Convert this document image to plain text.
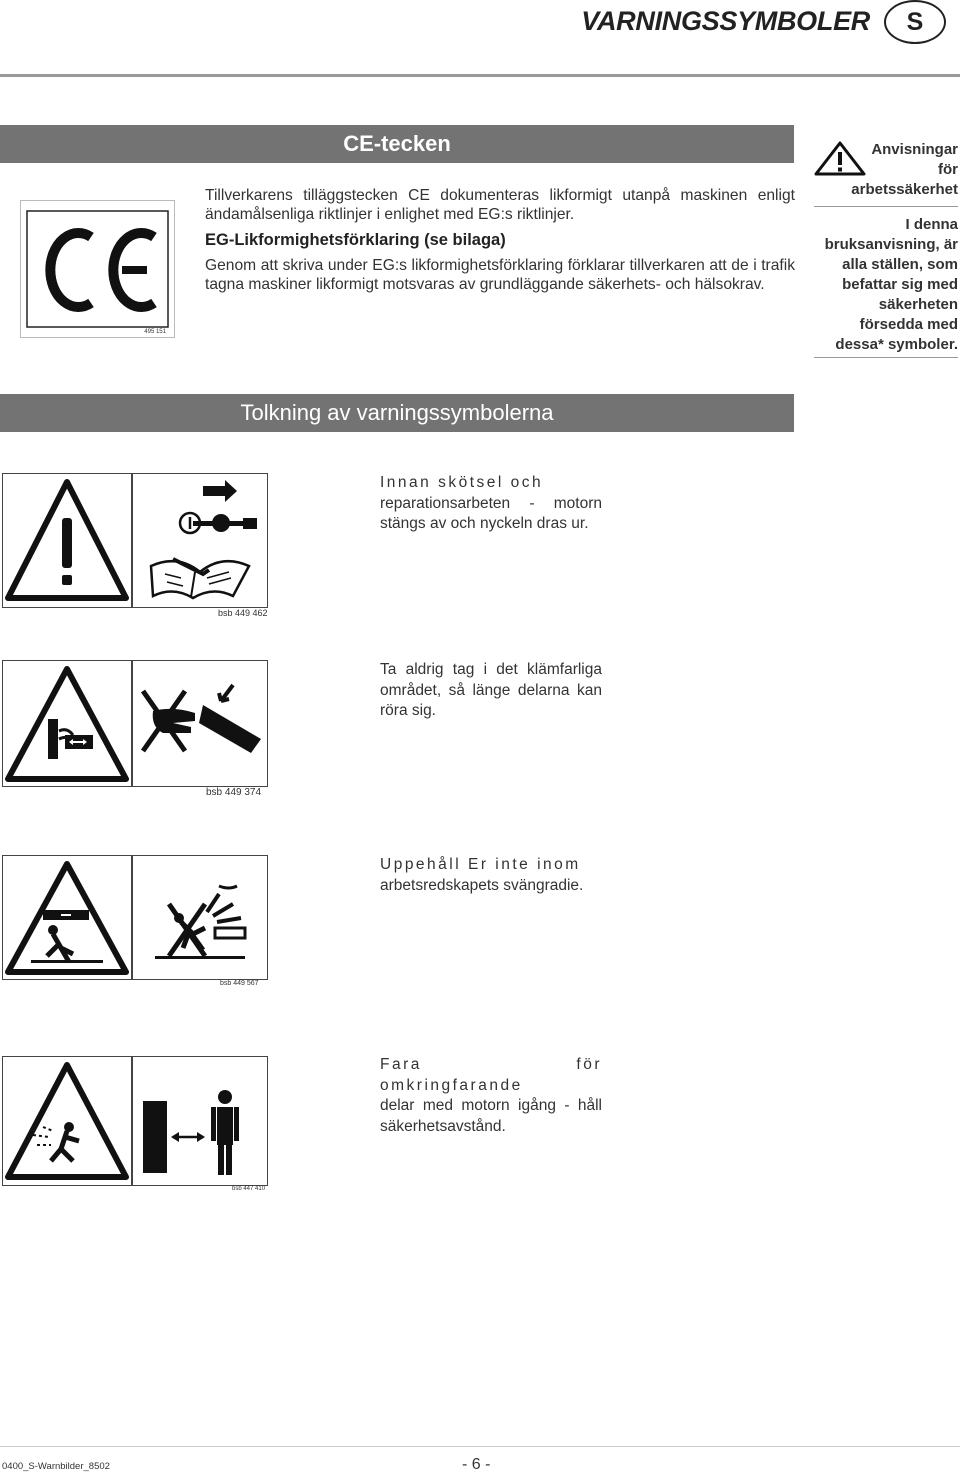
VARNINGSSYMBOLER	S
CE-tecken
495 151

Tillverkarens tilläggstecken CE dokumenteras likformigt utanpå maskinen enligt ändamålsenliga riktlinjer i enlighet med EG:s riktlinjer.

EG-Likformighetsförklaring (se bilaga)

Genom att skriva under EG:s likformighetsförklaring förklarar tillverkaren att de i trafik tagna maskiner likformigt motsvaras av grundläggande säkerhets- och hälsokrav.

Anvisningar
för
arbetssäkerhet
I denna bruksanvisning, är alla ställen, som befattar sig med säkerheten försedda med dessa* symboler.
Tolkning av varningssymbolerna
bsb 449 462
Innan skötsel och
reparationsarbeten - motorn stängs av och nyckeln dras ur.
bsb 449 374
Ta aldrig tag i det klämfarliga området, så länge delarna kan röra sig.
bsb 449 567
Uppehåll Er inte inom
arbetsredskapets svängradie.
bsb 447 410
Fara för omkringfarande
delar med motorn igång - håll säkerhetsavstånd.
0400_S-Warnbilder_8502	- 6 -
